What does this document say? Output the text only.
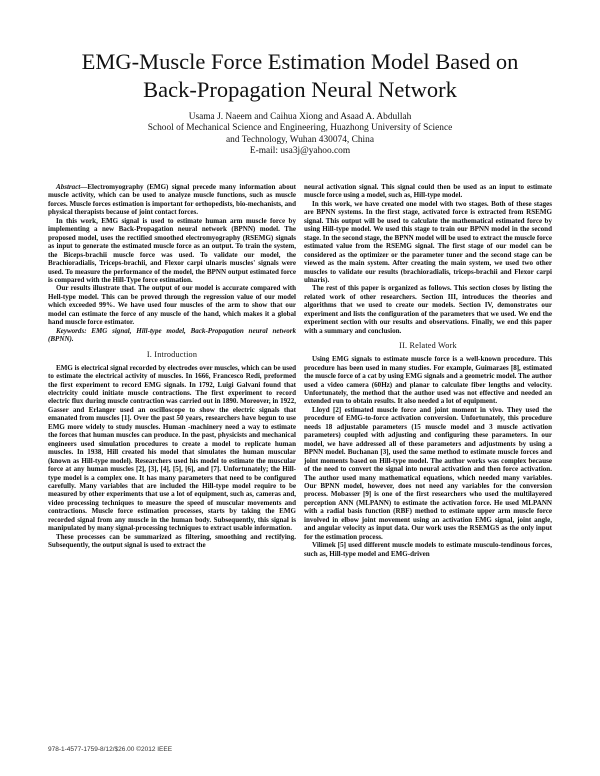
EMG-Muscle Force Estimation Model Based on
Back-Propagation Neural Network
Usama J. Naeem and Caihua Xiong and Asaad A. Abdullah
School of Mechanical Science and Engineering, Huazhong University of Science
and Technology, Wuhan 430074, China
E-mail: usa3j@yahoo.com

Abstract—Electromyography (EMG) signal precede many information about muscle activity, which can be used to analyze muscle functions, such as muscle forces. Muscle forces estimation is important for orthopedists, bio-mechanists, and physical therapists because of joint contact forces.

In this work, EMG signal is used to estimate human arm muscle force by implementing a new Back-Propagation neural network (BPNN) model. The proposed model, uses the rectified smoothed electromyography (RSEMG) signals as input to generate the estimated muscle force as an output. To train the system, the Biceps-brachii muscle force was used. To validate our model, the Brachioradialis, Triceps-brachii, and Flexor carpi ulnaris muscles' signals were used. To measure the performance of the model, the BPNN output estimated force is compared with the Hill-Type force estimation.

Our results illustrate that. The output of our model is accurate compared with Hell-type model. This can be proved through the regression value of our model which exceeded 99%. We have used four muscles of the arm to show that our model can estimate the force of any muscle of the hand, which makes it a global hand muscle force estimator.

Keywords: EMG signal, Hill-type model, Back-Propagation neural network (BPNN).

I. Introduction

EMG is electrical signal recorded by electrodes over muscles, which can be used to estimate the electrical activity of muscles. In 1666, Francesco Redi, preformed the first experiment to record EMG signals. In 1792, Luigi Galvani found that electricity could initiate muscle contractions. The first experiment to record electric flux during muscle contraction was carried out in 1890. Moreover, in 1922, Gasser and Erlanger used an oscilloscope to show the electric signals that emanated from muscles [1]. Over the past 50 years, researchers have begun to use EMG more widely to study muscles. Human -machinery need a way to estimate the forces that human muscles can produce. In the past, physicists and mechanical engineers used simulation procedures to create a model to replicate human muscles. In 1938, Hill created his model that simulates the human muscular (known as Hill-type model). Researchers used his model to estimate the muscular force at any human muscles [2], [3], [4], [5], [6], and [7]. Unfortunately; the Hill-type model is a complex one. It has many parameters that need to be configured carefully. Many variables that are included the Hill-type model require to be measured by other experiments that use a lot of equipment, such as, cameras and, video processing techniques to measure the speed of muscular movements and contractions. Muscle force estimation processes, starts by taking the EMG recorded signal from any muscle in the human body. Subsequently, this signal is manipulated by many signal-processing techniques to extract usable information.

These processes can be summarized as filtering, smoothing and rectifying. Subsequently, the output signal is used to extract the

neural activation signal. This signal could then be used as an input to estimate muscle force using a model, such as, Hill-type model.

In this work, we have created one model with two stages. Both of these stages are BPNN systems. In the first stage, activated force is extracted from RSEMG signal. This output will be used to calculate the mathematical estimated force by using Hill-type model. We used this stage to train our BPNN model in the second stage. In the second stage, the BPNN model will be used to extract the muscle force estimated value from the RSEMG signal. The first stage of our model can be considered as the optimizer or the parameter tuner and the second stage can be viewed as the main system. After creating the main system, we used two other muscles to validate our results (brachioradialis, triceps-brachii and Flexor carpi ulnaris).

The rest of this paper is organized as follows. This section closes by listing the related work of other researchers. Section III, introduces the theories and algorithms that we used to create our models. Section IV, demonstrates our experiment and lists the configuration of the parameters that we used. We end the experiment section with our results and observations. Finally, we end this paper with a summary and conclusion.

II. Related Work

Using EMG signals to estimate muscle force is a well-known procedure. This procedure has been used in many studies. For example, Guimaraes [8], estimated the muscle force of a cat by using EMG signals and a geometric model. The author used a video camera (60Hz) and planar to calculate fiber lengths and velocity. Unfortunately, the method that the author used was not effective and needed an extended run to obtain results. It also needed a lot of equipment.

Lloyd [2] estimated muscle force and joint moment in vivo. They used the procedure of EMG-to-force activation conversion. Unfortunately, this procedure needs 18 adjustable parameters (15 muscle model and 3 muscle activation parameters) coupled with adjusting and configuring these parameters. In our model, we have addressed all of these parameters and adjustments by using a BPNN model. Buchanan [3], used the same method to estimate muscle forces and joint moments based on Hill-type model. The author works was complex because of the need to convert the signal into neural activation and then force activation. The author used many mathematical equations, which needed many variables. Our BPNN model, however, does not need any variables for the conversion process. Mobasser [9] is one of the first researchers who used the multilayered perception ANN (MLPANN) to estimate the activation force. He used MLPANN with a radial basis function (RBF) method to estimate upper arm muscle force involved in elbow joint movement using an activation EMG signal, joint angle, and angular velocity as input data. Our work uses the RSEMGS as the only input for the estimation process.

Vilimek [5] used different muscle models to estimate musculo-tendinous forces, such as, Hill-type model and EMG-driven

978-1-4577-1759-8/12/$26.00 ©2012 IEEE
